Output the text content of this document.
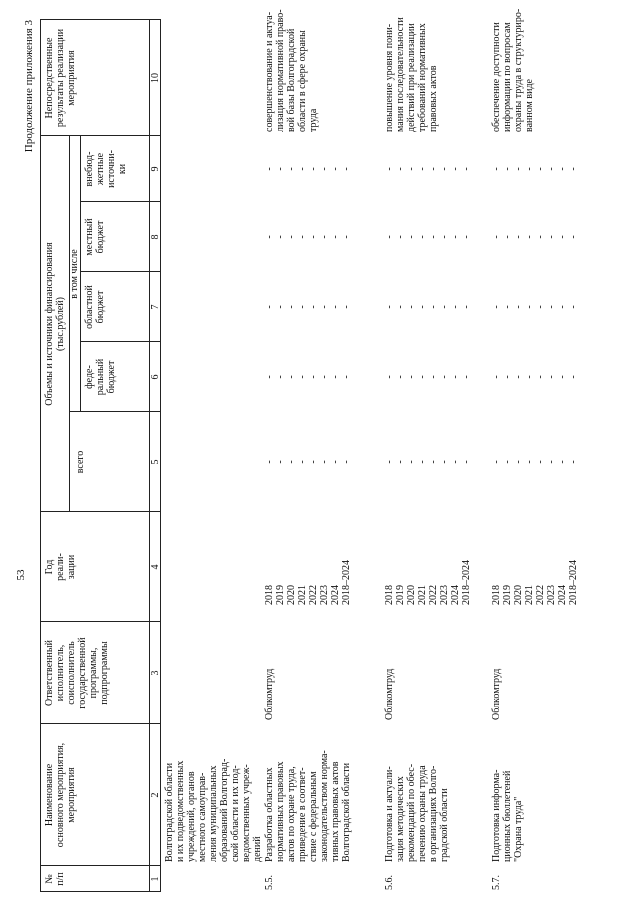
53
Продолжение приложения 3
№ п/п
Наименование основного мероприятия, мероприятия
Ответственный исполнитель, соисполнитель государственной программы, подпрограммы
Год реали- зации
Объемы и источники финансирования (тыс.рублей)
всего
в том числе
феде- ральный бюджет
областной бюджет
местный бюджет
внебюд- жетные источни- ки
Непосредственные результаты реализации мероприятия
1
2
3
4
5
6
7
8
9
10
Волгоградской области и их подведомственных учреждений, органов местного самоуправ- ления муниципальных образований Волгоград- ской области и их под- ведомственных учреж- дений
5.5.
Разработка областных нормативных правовых актов по охране труда, приведение в соответ- ствие с федеральным законодательством норма- тивных правовых актов Волгоградской области
Облкомтруд
2018 2019 2020 2021 2022 2023 2024 2018–2024
- - - - - - - -
- - - - - - - -
- - - - - - - -
- - - - - - - -
- - - - - - - -
совершенствование и актуа- лизация нормативной право- вой базы Волгоградской области в сфере охраны труда
5.6.
Подготовка и актуали- зация методических рекомендаций по обес- печению охраны труда в организациях Волго- градской области
Облкомтруд
2018 2019 2020 2021 2022 2023 2024 2018–2024
- - - - - - - -
- - - - - - - -
- - - - - - - -
- - - - - - - -
- - - - - - - -
повышение уровня пони- мания последовательности действий при реализации требований нормативных правовых актов
5.7.
Подготовка информа- ционных бюллетеней "Охрана труда"
Облкомтруд
2018 2019 2020 2021 2022 2023 2024 2018–2024
- - - - - - - -
- - - - - - - -
- - - - - - - -
- - - - - - - -
- - - - - - - -
обеспечение доступности информации по вопросам охраны труда в структуриро- ванном виде
